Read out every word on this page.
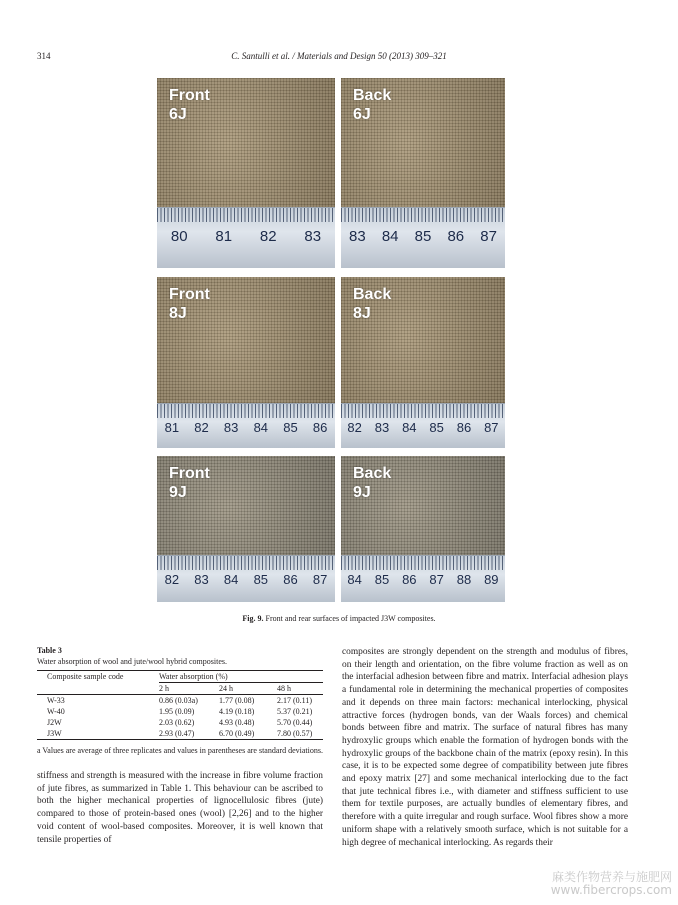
314	C. Santulli et al. / Materials and Design 50 (2013) 309–321
Front
6J
80 81 82 83
Back
6J
83 84 85 86 87
Front
8J
81 82 83 84 85 86
Back
8J
82 83 84 85 86 87
Front
9J
82 83 84 85 86 87
Back
9J
84 85 86 87 88 89
Fig. 9. Front and rear surfaces of impacted J3W composites.
Table 3
Water absorption of wool and jute/wool hybrid composites.
Composite sample code	Water absorption (%)		
	2 h	24 h	48 h
W-33	0.86 (0.03a)	1.77 (0.08)	2.17 (0.11)
W-40	1.95 (0.09)	4.19 (0.18)	5.37 (0.21)
J2W	2.03 (0.62)	4.93 (0.48)	5.70 (0.44)
J3W	2.93 (0.47)	6.70 (0.49)	7.80 (0.57)
a Values are average of three replicates and values in parentheses are standard deviations.
stiffness and strength is measured with the increase in fibre volume fraction of jute fibres, as summarized in Table 1. This behaviour can be ascribed to both the higher mechanical properties of lignocellulosic fibres (jute) compared to those of protein-based ones (wool) [2,26] and to the higher void content of wool-based composites. Moreover, it is well known that tensile properties of
composites are strongly dependent on the strength and modulus of fibres, on their length and orientation, on the fibre volume fraction as well as on the interfacial adhesion between fibre and matrix. Interfacial adhesion plays a fundamental role in determining the mechanical properties of composites and it depends on three main factors: mechanical interlocking, physical attractive forces (hydrogen bonds, van der Waals forces) and chemical bonds between fibre and matrix. The surface of natural fibres has many hydroxylic groups which enable the formation of hydrogen bonds with the hydroxylic groups of the backbone chain of the matrix (epoxy resin). In this case, it is to be expected some degree of compatibility between jute fibres and epoxy matrix [27] and some mechanical interlocking due to the fact that jute technical fibres i.e., with diameter and stiffness sufficient to use them for textile purposes, are actually bundles of elementary fibres, and therefore with a quite irregular and rough surface. Wool fibres show a more uniform shape with a relatively smooth surface, which is not suitable for a high degree of mechanical interlocking. As regards their
麻类作物营养与施肥网
www.fibercrops.com
